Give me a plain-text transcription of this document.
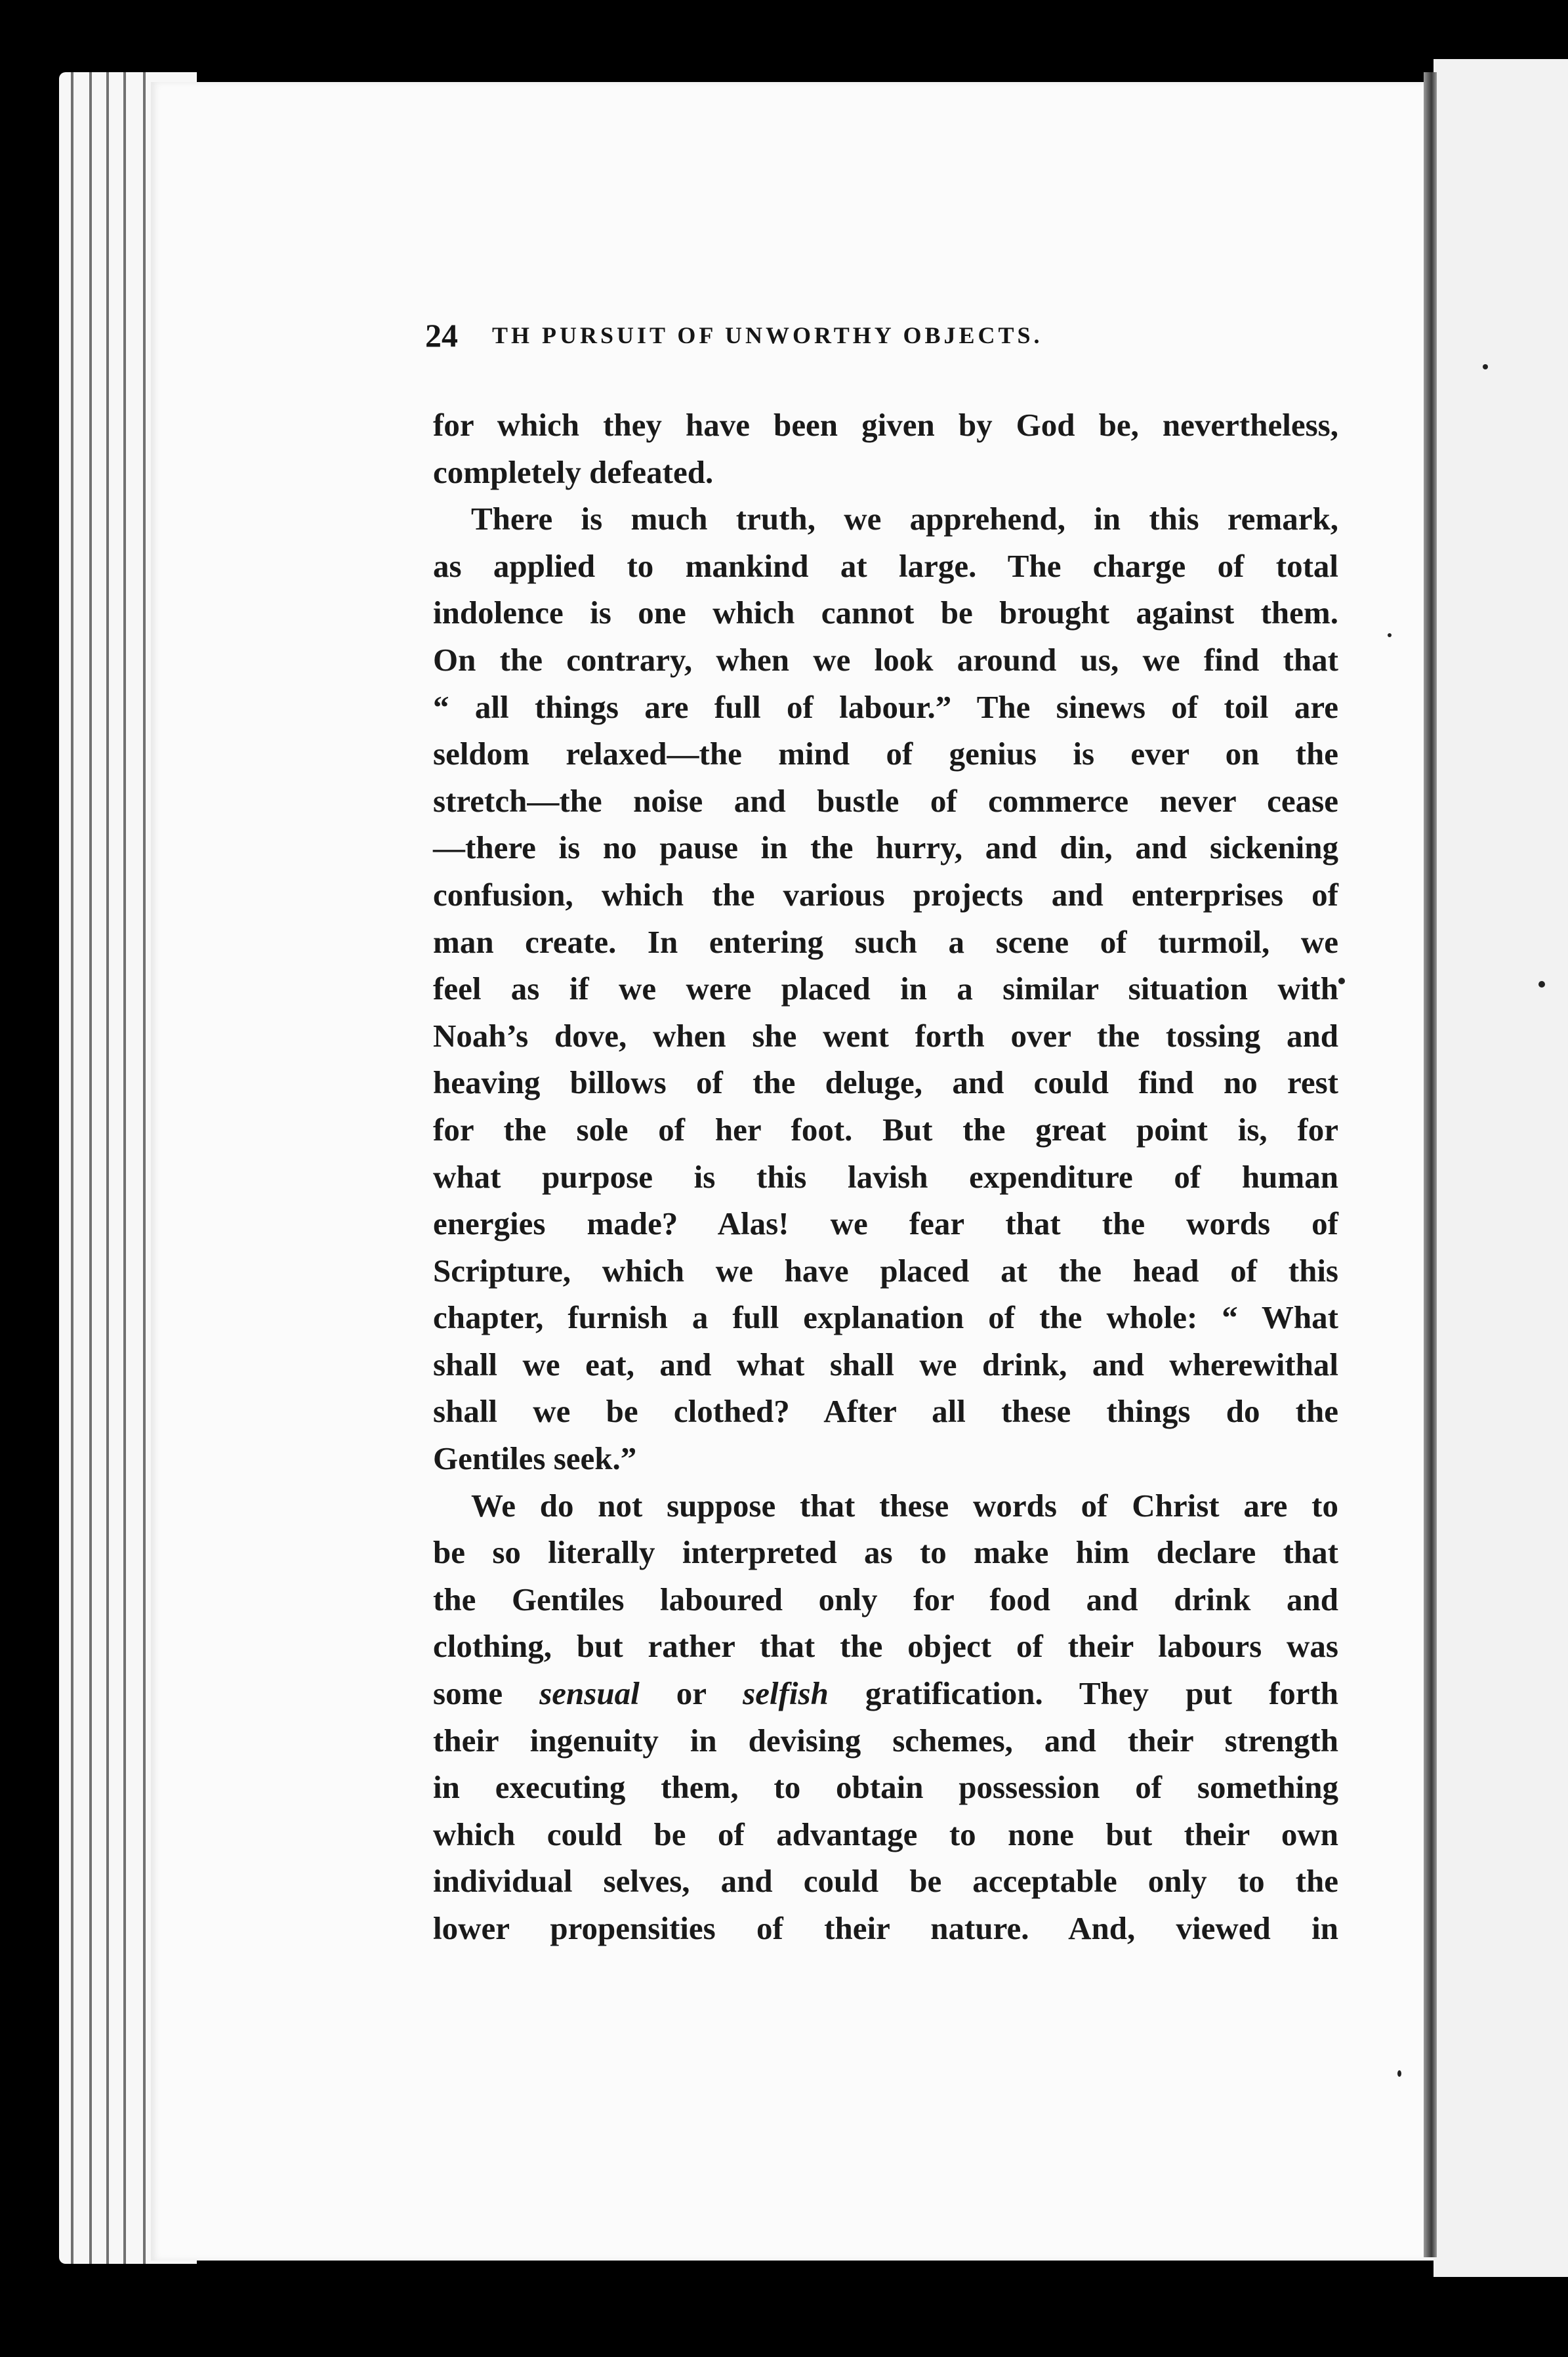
24 TH PURSUIT OF UNWORTHY OBJECTS.
for which they have been given by God be, nevertheless,
completely defeated.
There is much truth, we apprehend, in this remark,
as applied to mankind at large. The charge of total
indolence is one which cannot be brought against them.
On the contrary, when we look around us, we find that
“ all things are full of labour.” The sinews of toil are
seldom relaxed—the mind of genius is ever on the
stretch—the noise and bustle of commerce never cease
—there is no pause in the hurry, and din, and sickening
confusion, which the various projects and enterprises of
man create. In entering such a scene of turmoil, we
feel as if we were placed in a similar situation with
Noah’s dove, when she went forth over the tossing and
heaving billows of the deluge, and could find no rest
for the sole of her foot. But the great point is, for
what purpose is this lavish expenditure of human
energies made? Alas! we fear that the words of
Scripture, which we have placed at the head of this
chapter, furnish a full explanation of the whole: “ What
shall we eat, and what shall we drink, and wherewithal
shall we be clothed? After all these things do the
Gentiles seek.”
We do not suppose that these words of Christ are to
be so literally interpreted as to make him declare that
the Gentiles laboured only for food and drink and
clothing, but rather that the object of their labours was
some sensual or selfish gratification. They put forth
their ingenuity in devising schemes, and their strength
in executing them, to obtain possession of something
which could be of advantage to none but their own
individual selves, and could be acceptable only to the
lower propensities of their nature. And, viewed in
